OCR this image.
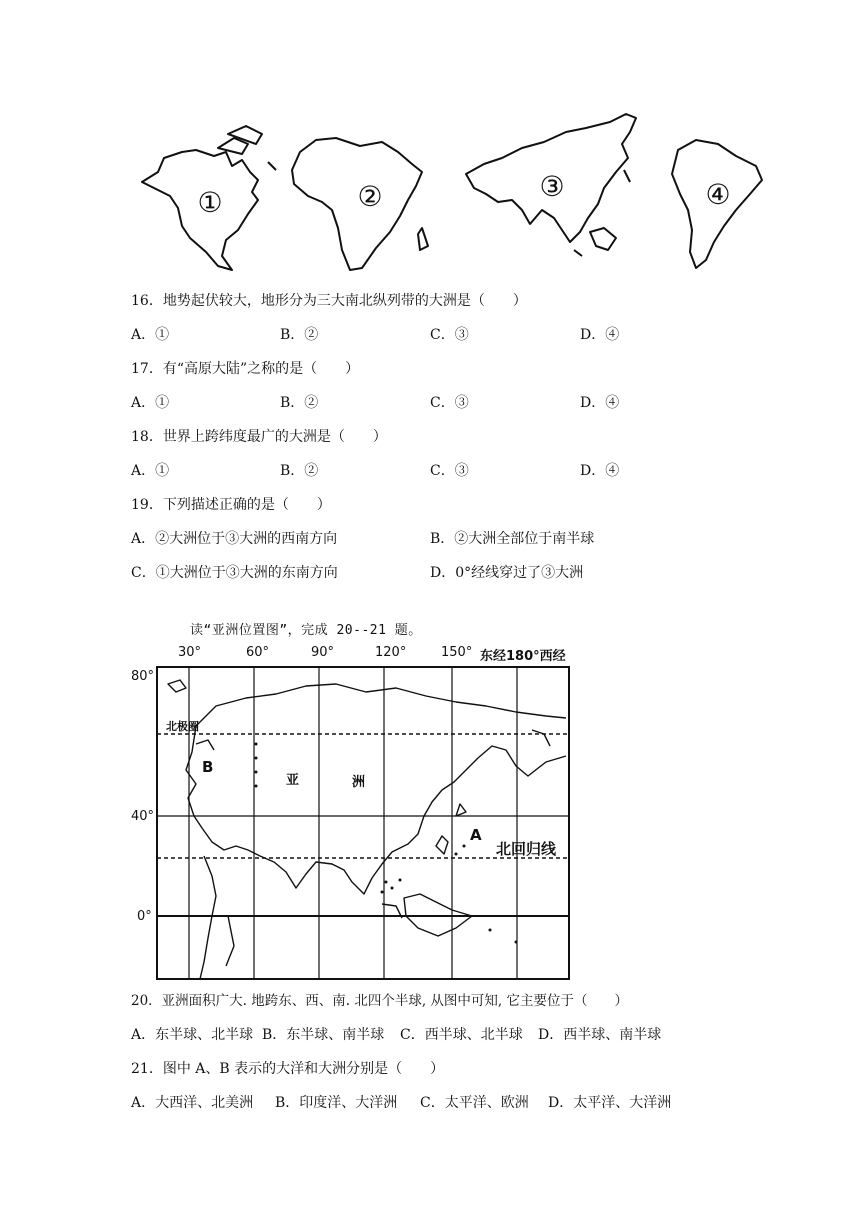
①	②	③	④
16．地势起伏较大，地形分为三大南北纵列带的大洲是（　　）
A．①	B．②	C．③	D．④
17．有“高原大陆”之称的是（　　）
A．①	B．②	C．③	D．④
18．世界上跨纬度最广的大洲是（　　）
A．①	B．②	C．③	D．④
19．下列描述正确的是（　　）
A．②大洲位于③大洲的西南方向	B．②大洲全部位于南半球
C．①大洲位于③大洲的东南方向	D．0°经线穿过了③大洲
读“亚洲位置图”，完成 20--21 题。
30°	60°	90°	120°	150° 东经180°西经
80°
40°
0°
北极圈
B
亚	洲
A
北回归线
20．亚洲面积广大. 地跨东、西、南. 北四个半球, 从图中可知, 它主要位于（　　）
A．东半球、北半球 B．东半球、南半球 C．西半球、北半球 D．西半球、南半球
21．图中 A、B 表示的大洋和大洲分别是（　　）
A．大西洋、北美洲 B．印度洋、大洋洲 C．太平洋、欧洲 D．太平洋、大洋洲
